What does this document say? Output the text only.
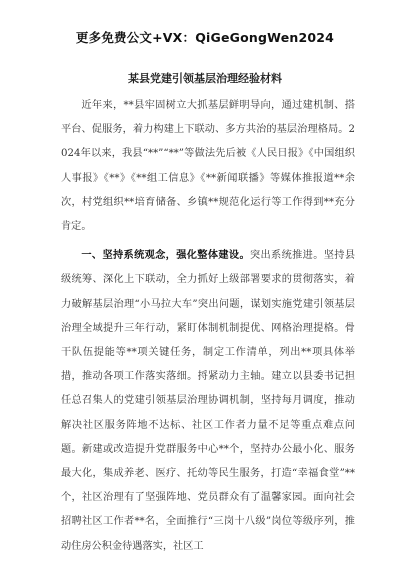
更多免费公文+VX：QiGeGongWen2024
某县党建引领基层治理经验材料

近年来，**县牢固树立大抓基层鲜明导向，通过建机制、搭平台、促服务，着力构建上下联动、多方共治的基层治理格局。2024年以来，我县“**”“**”等做法先后被《人民日报》《中国组织人事报》《**》《**组工信息》《**新闻联播》等媒体推报道**余次，村党组织**培育储备、乡镇**规范化运行等工作得到**充分肯定。

一、坚持系统观念，强化整体建设。突出系统推进。坚持县级统筹、深化上下联动，全力抓好上级部署要求的贯彻落实，着力破解基层治理“小马拉大车”突出问题，谋划实施党建引领基层治理全域提升三年行动，紧盯体制机制提优、网格治理提格。骨干队伍提能等**项关键任务，制定工作清单，列出**项具体举措，推动各项工作落实落细。捋紧动力主轴。建立以县委书记担任总召集人的党建引领基层治理协调机制，坚持每月调度，推动解决社区服务阵地不达标、社区工作者力量不足等重点难点问题。新建或改造提升党群服务中心**个，坚持办公最小化、服务最大化，集成养老、医疗、托幼等民生服务，打造“幸福食堂”**个，社区治理有了坚强阵地、党员群众有了温馨家园。面向社会招聘社区工作者**名，全面推行“三岗十八级”岗位等级序列，推动住房公积金待遇落实，社区工
